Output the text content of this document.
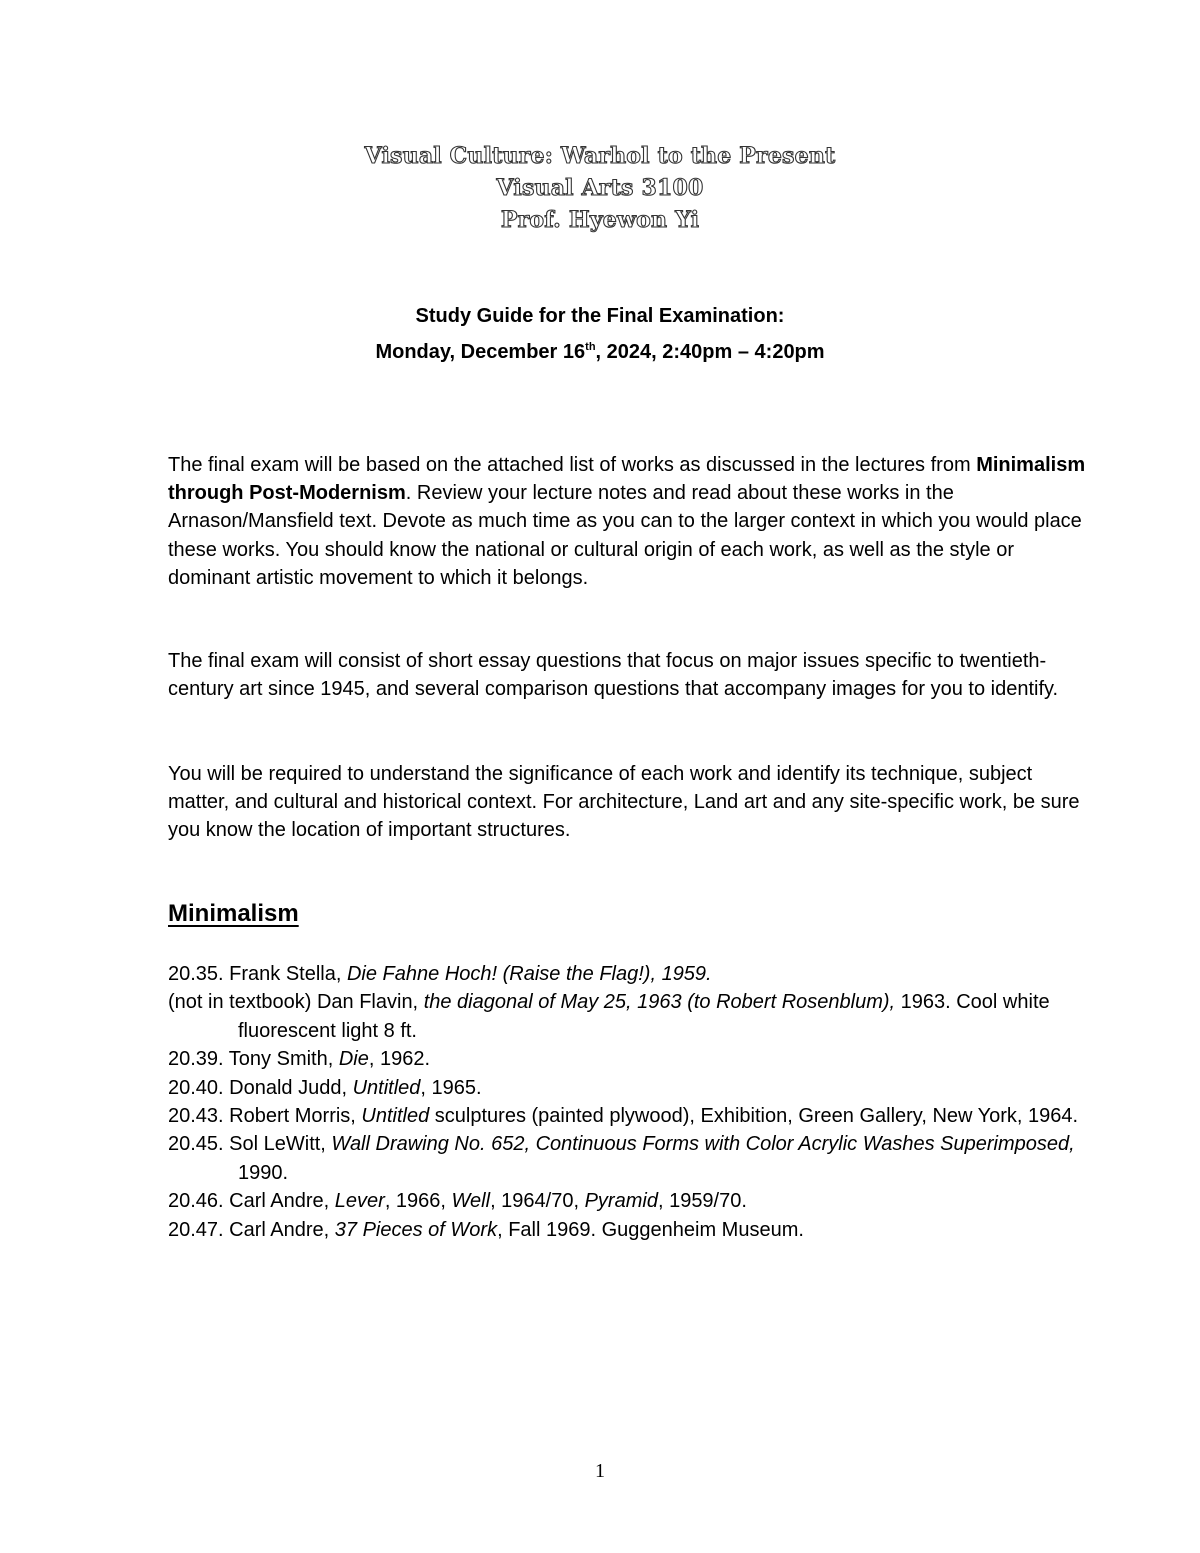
Visual Culture: Warhol to the Present
Visual Arts 3100
Prof. Hyewon Yi
Study Guide for the Final Examination:
Monday, December 16th, 2024, 2:40pm – 4:20pm

The final exam will be based on the attached list of works as discussed in the lectures from Minimalism through Post-Modernism. Review your lecture notes and read about these works in the Arnason/Mansfield text. Devote as much time as you can to the larger context in which you would place these works. You should know the national or cultural origin of each work, as well as the style or dominant artistic movement to which it belongs.

The final exam will consist of short essay questions that focus on major issues specific to twentieth-century art since 1945, and several comparison questions that accompany images for you to identify.

You will be required to understand the significance of each work and identify its technique, subject matter, and cultural and historical context. For architecture, Land art and any site-specific work, be sure you know the location of important structures.

Minimalism
20.35. Frank Stella, Die Fahne Hoch! (Raise the Flag!), 1959.
(not in textbook) Dan Flavin, the diagonal of May 25, 1963 (to Robert Rosenblum), 1963. Cool white fluorescent light 8 ft.
20.39. Tony Smith, Die, 1962.
20.40. Donald Judd, Untitled, 1965.
20.43. Robert Morris, Untitled sculptures (painted plywood), Exhibition, Green Gallery, New York, 1964.
20.45. Sol LeWitt, Wall Drawing No. 652, Continuous Forms with Color Acrylic Washes Superimposed, 1990.
20.46. Carl Andre, Lever, 1966, Well, 1964/70, Pyramid, 1959/70.
20.47. Carl Andre, 37 Pieces of Work, Fall 1969. Guggenheim Museum.
1
